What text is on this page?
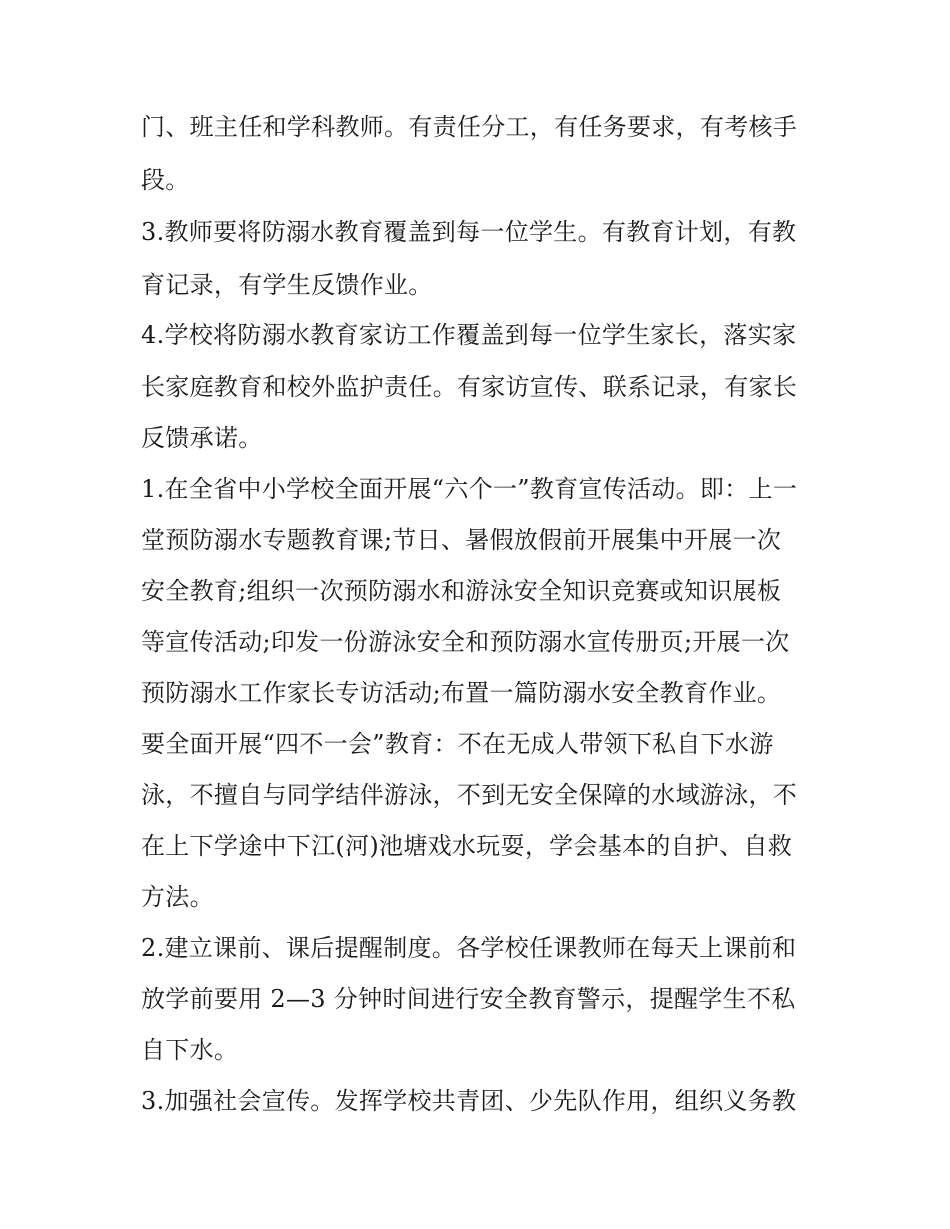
门、班主任和学科教师。有责任分工，有任务要求，有考核手
段。
3.教师要将防溺水教育覆盖到每一位学生。有教育计划，有教
育记录，有学生反馈作业。
4.学校将防溺水教育家访工作覆盖到每一位学生家长，落实家
长家庭教育和校外监护责任。有家访宣传、联系记录，有家长
反馈承诺。
1.在全省中小学校全面开展“六个一”教育宣传活动。即：上一
堂预防溺水专题教育课;节日、暑假放假前开展集中开展一次
安全教育;组织一次预防溺水和游泳安全知识竞赛或知识展板
等宣传活动;印发一份游泳安全和预防溺水宣传册页;开展一次
预防溺水工作家长专访活动;布置一篇防溺水安全教育作业。
要全面开展“四不一会”教育：不在无成人带领下私自下水游
泳，不擅自与同学结伴游泳，不到无安全保障的水域游泳，不
在上下学途中下江(河)池塘戏水玩耍，学会基本的自护、自救
方法。
2.建立课前、课后提醒制度。各学校任课教师在每天上课前和
放学前要用 2—3 分钟时间进行安全教育警示，提醒学生不私
自下水。
3.加强社会宣传。发挥学校共青团、少先队作用，组织义务教
